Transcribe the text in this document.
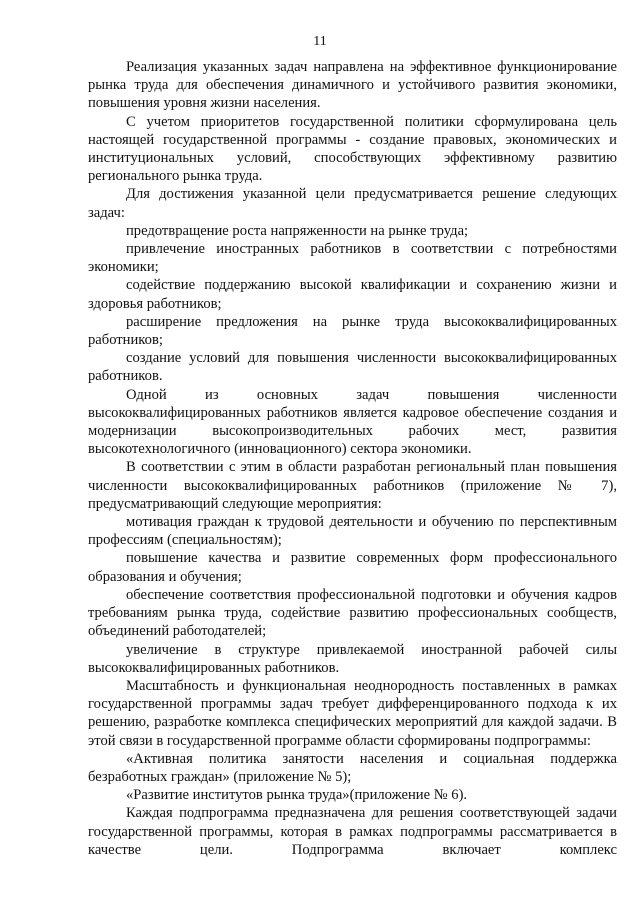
11

Реализация указанных задач направлена на эффективное функционирование рынка труда для обеспечения динамичного и устойчивого развития экономики, повышения уровня жизни населения.

С учетом приоритетов государственной политики сформулирована цель настоящей государственной программы - создание правовых, экономических и институциональных условий, способствующих эффективному развитию регионального рынка труда.

Для достижения указанной цели предусматривается решение следующих задач:

предотвращение роста напряженности на рынке труда;

привлечение иностранных работников в соответствии с потребностями экономики;

содействие поддержанию высокой квалификации и сохранению жизни и здоровья работников;

расширение предложения на рынке труда высококвалифицированных работников;

создание условий для повышения численности высококвалифицированных работников.

Одной из основных задач повышения численности высококвалифицированных работников является кадровое обеспечение создания и модернизации высокопроизводительных рабочих мест, развития высокотехнологичного (инновационного) сектора экономики.

В соответствии с этим в области разработан региональный план повышения численности высококвалифицированных работников (приложение № 7), предусматривающий следующие мероприятия:

мотивация граждан к трудовой деятельности и обучению по перспективным профессиям (специальностям);

повышение качества и развитие современных форм профессионального образования и обучения;

обеспечение соответствия профессиональной подготовки и обучения кадров требованиям рынка труда, содействие развитию профессиональных сообществ, объединений работодателей;

увеличение в структуре привлекаемой иностранной рабочей силы высококвалифицированных работников.

Масштабность и функциональная неоднородность поставленных в рамках государственной программы задач требует дифференцированного подхода к их решению, разработке комплекса специфических мероприятий для каждой задачи. В этой связи в государственной программе области сформированы подпрограммы:

«Активная политика занятости населения и социальная поддержка безработных граждан» (приложение № 5);

«Развитие институтов рынка труда»(приложение № 6).

Каждая подпрограмма предназначена для решения соответствующей задачи государственной программы, которая в рамках подпрограммы рассматривается в качестве цели. Подпрограмма включает комплекс
